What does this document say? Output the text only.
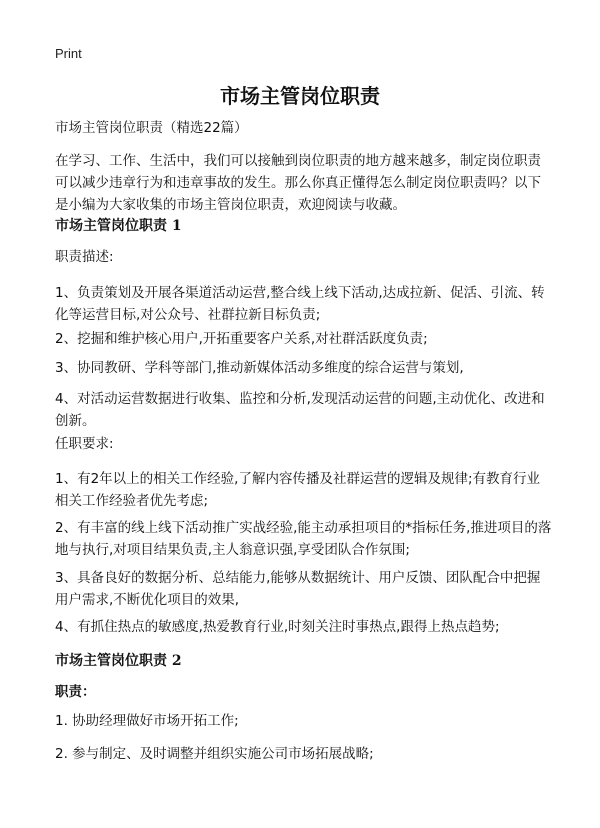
Print
市场主管岗位职责

市场主管岗位职责（精选22篇）

在学习、工作、生活中，我们可以接触到岗位职责的地方越来越多，制定岗位职责可以减少违章行为和违章事故的发生。那么你真正懂得怎么制定岗位职责吗？以下是小编为大家收集的市场主管岗位职责，欢迎阅读与收藏。

市场主管岗位职责 1

职责描述:

1、负责策划及开展各渠道活动运营,整合线上线下活动,达成拉新、促活、引流、转化等运营目标,对公众号、社群拉新目标负责;

2、挖掘和维护核心用户,开拓重要客户关系,对社群活跃度负责;

3、协同教研、学科等部门,推动新媒体活动多维度的综合运营与策划,

4、对活动运营数据进行收集、监控和分析,发现活动运营的问题,主动优化、改进和创新。

任职要求:

1、有2年以上的相关工作经验,了解内容传播及社群运营的逻辑及规律;有教育行业相关工作经验者优先考虑;

2、有丰富的线上线下活动推广实战经验,能主动承担项目的*指标任务,推进项目的落地与执行,对项目结果负责,主人翁意识强,享受团队合作氛围;

3、具备良好的数据分析、总结能力,能够从数据统计、用户反馈、团队配合中把握用户需求,不断优化项目的效果,

4、有抓住热点的敏感度,热爱教育行业,时刻关注时事热点,跟得上热点趋势;

市场主管岗位职责 2

职责：

1. 协助经理做好市场开拓工作;

2. 参与制定、及时调整并组织实施公司市场拓展战略;
